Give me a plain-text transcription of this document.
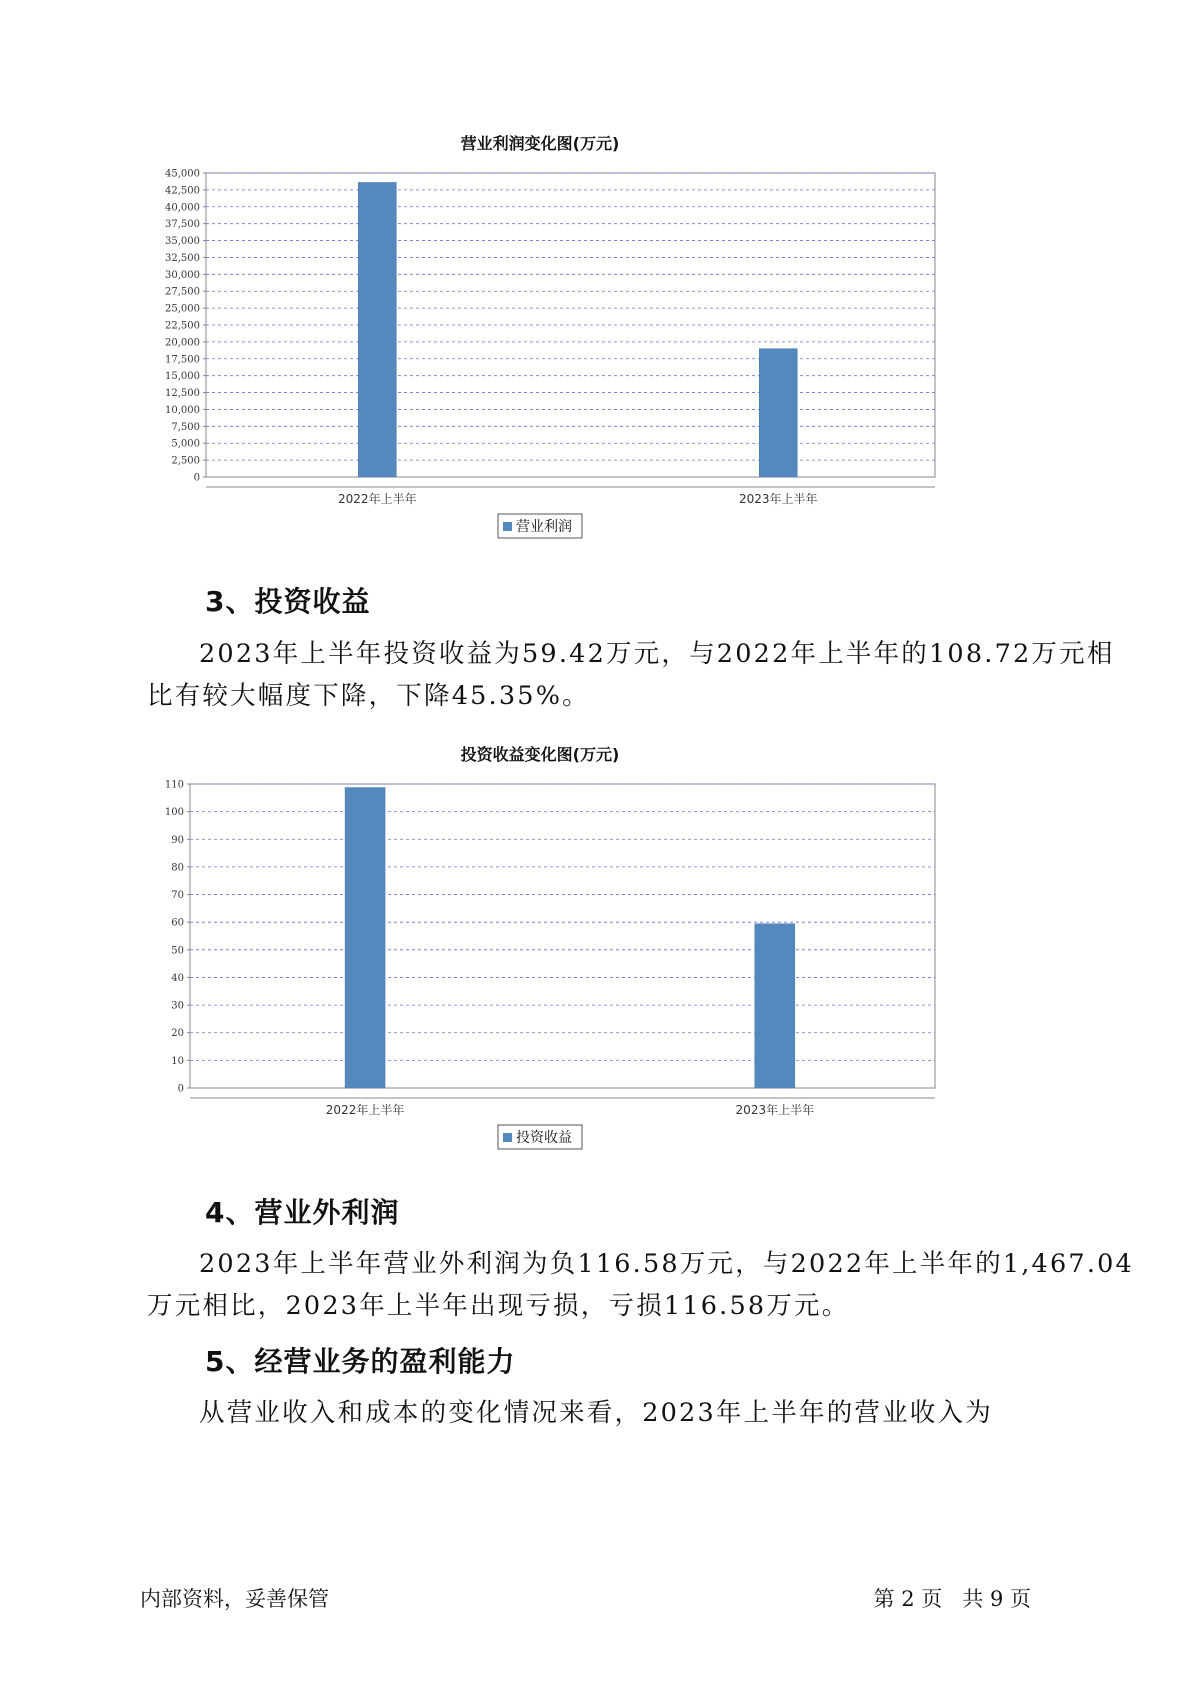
营业利润变化图(万元)
0
2,500
5,000
7,500
10,000
12,500
15,000
17,500
20,000
22,500
25,000
27,500
30,000
32,500
35,000
37,500
40,000
42,500
45,000
2022年上半年	2023年上半年
营业利润
3、投资收益
2023年上半年投资收益为59.42万元，与2022年上半年的108.72万元相
比有较大幅度下降，下降45.35%。
投资收益变化图(万元)
0
10
20
30
40
50
60
70
80
90
100
110
2022年上半年	2023年上半年
投资收益
4、营业外利润
2023年上半年营业外利润为负116.58万元，与2022年上半年的1,467.04
万元相比，2023年上半年出现亏损，亏损116.58万元。
5、经营业务的盈利能力
从营业收入和成本的变化情况来看，2023年上半年的营业收入为
内部资料，妥善保管	第 2 页   共 9 页
